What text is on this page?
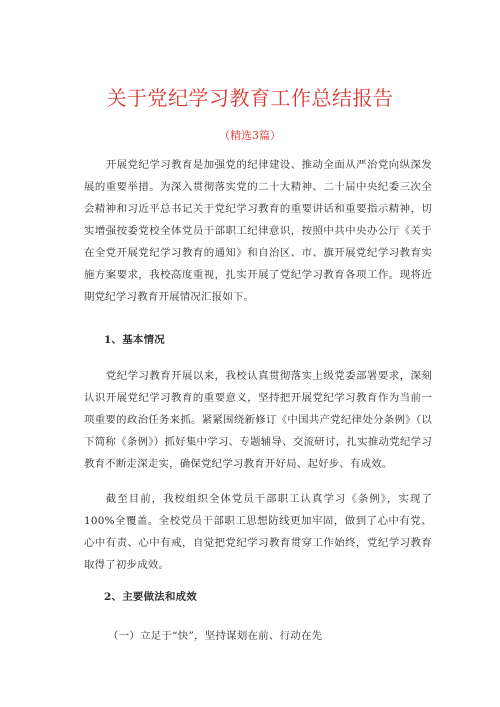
关于党纪学习教育工作总结报告

（精选3篇）

开展党纪学习教育是加强党的纪律建设、推动全面从严治党向纵深发展的重要举措。为深入贯彻落实党的二十大精神、二十届中央纪委三次全会精神和习近平总书记关于党纪学习教育的重要讲话和重要指示精神，切实增强按委党校全体党员干部职工纪律意识，按照中共中央办公厅《关于在全党开展党纪学习教育的通知》和自治区、市、旗开展党纪学习教育实施方案要求，我校高度重视，扎实开展了党纪学习教育各项工作。现将近期党纪学习教育开展情况汇报如下。

1、基本情况

党纪学习教育开展以来，我校认真贯彻落实上级党委部署要求，深刻认识开展党纪学习教育的重要意义，坚持把开展党纪学习教育作为当前一项重要的政治任务来抓。紧紧围绕新修订《中国共产党纪律处分条例》（以下简称《条例》）抓好集中学习、专题辅导、交流研讨，扎实推动党纪学习教育不断走深走实，确保党纪学习教育开好局、起好步、有成效。

截至目前，我校组织全体党员干部职工认真学习《条例》，实现了100%全覆盖。全校党员干部职工思想防线更加牢固，做到了心中有党、心中有责、心中有戒，自觉把党纪学习教育贯穿工作始终，党纪学习教育取得了初步成效。

2、主要做法和成效

（一）立足于“快”，坚持谋划在前、行动在先
